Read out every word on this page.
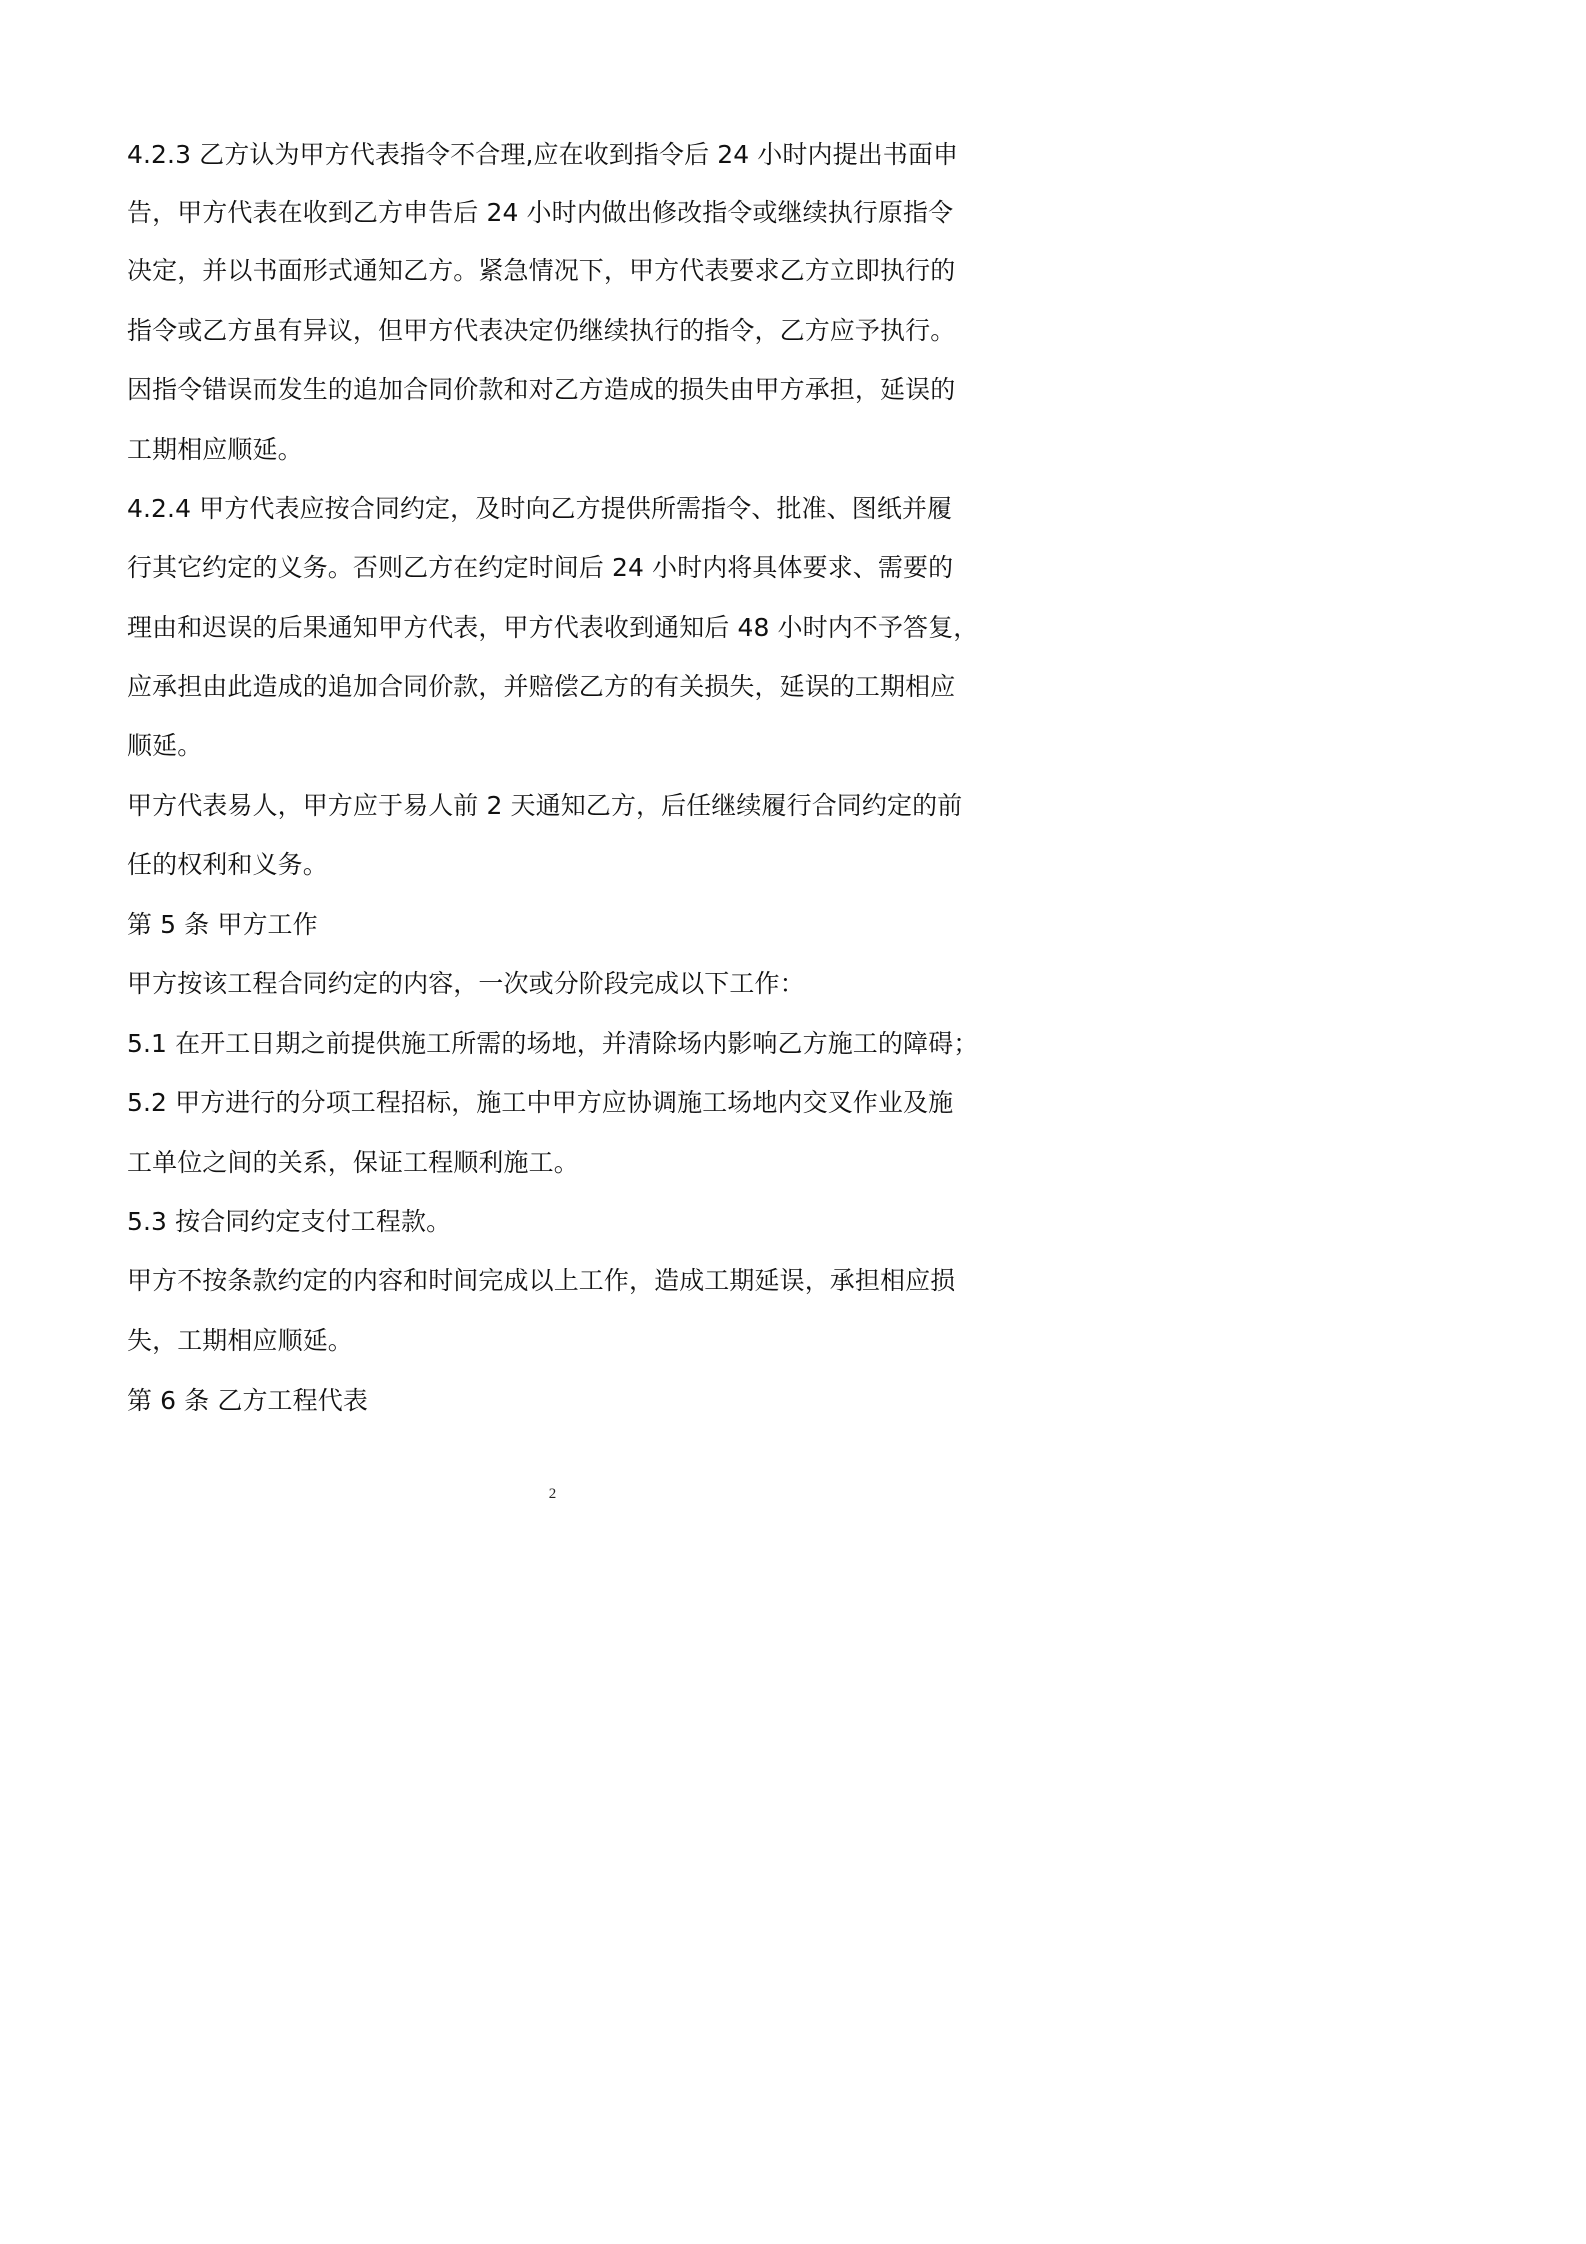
4.2.3 乙方认为甲方代表指令不合理,应在收到指令后 24 小时内提出书面申

告，甲方代表在收到乙方申告后 24 小时内做出修改指令或继续执行原指令

决定，并以书面形式通知乙方。紧急情况下，甲方代表要求乙方立即执行的

指令或乙方虽有异议，但甲方代表决定仍继续执行的指令，乙方应予执行。

因指令错误而发生的追加合同价款和对乙方造成的损失由甲方承担，延误的

工期相应顺延。

4.2.4 甲方代表应按合同约定，及时向乙方提供所需指令、批准、图纸并履

行其它约定的义务。否则乙方在约定时间后 24 小时内将具体要求、需要的

理由和迟误的后果通知甲方代表，甲方代表收到通知后 48 小时内不予答复，

应承担由此造成的追加合同价款，并赔偿乙方的有关损失，延误的工期相应

顺延。

甲方代表易人，甲方应于易人前 2 天通知乙方，后任继续履行合同约定的前

任的权利和义务。

第 5 条 甲方工作

甲方按该工程合同约定的内容，一次或分阶段完成以下工作：

5.1 在开工日期之前提供施工所需的场地，并清除场内影响乙方施工的障碍；

5.2 甲方进行的分项工程招标，施工中甲方应协调施工场地内交叉作业及施

工单位之间的关系，保证工程顺利施工。

5.3 按合同约定支付工程款。

甲方不按条款约定的内容和时间完成以上工作，造成工期延误，承担相应损

失，工期相应顺延。

第 6 条 乙方工程代表

2
